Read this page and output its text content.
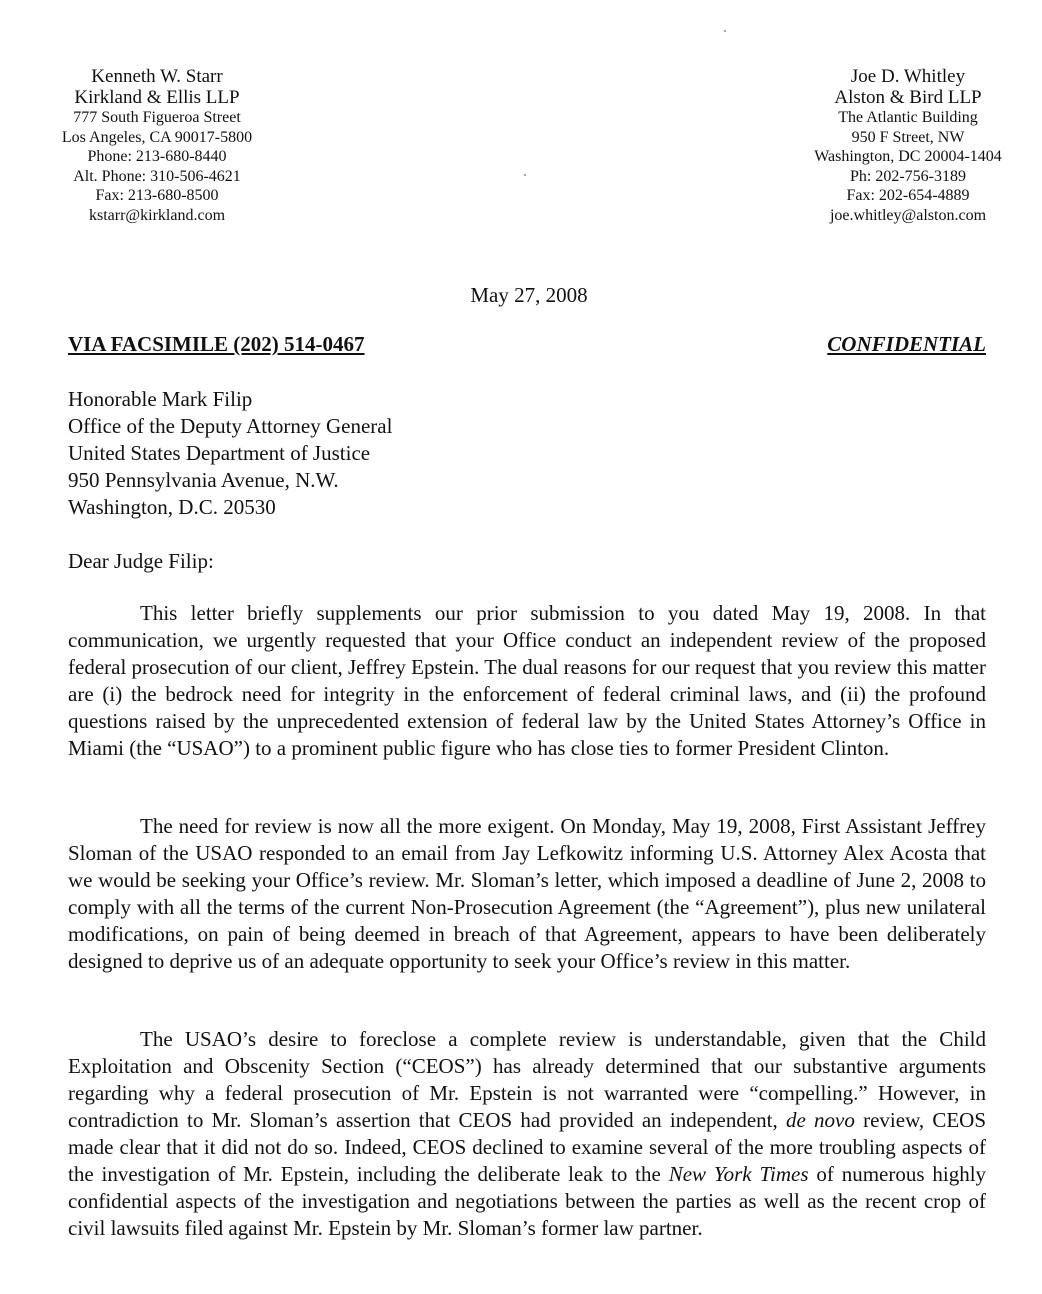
Kenneth W. Starr
Kirkland & Ellis LLP
777 South Figueroa Street
Los Angeles, CA 90017-5800
Phone: 213-680-8440
Alt. Phone: 310-506-4621
Fax: 213-680-8500
kstarr@kirkland.com
Joe D. Whitley
Alston & Bird LLP
The Atlantic Building
950 F Street, NW
Washington, DC 20004-1404
Ph: 202-756-3189
Fax: 202-654-4889
joe.whitley@alston.com
May 27, 2008
VIA FACSIMILE (202) 514-0467	CONFIDENTIAL
Honorable Mark Filip
Office of the Deputy Attorney General
United States Department of Justice
950 Pennsylvania Avenue, N.W.
Washington, D.C. 20530
Dear Judge Filip:

This letter briefly supplements our prior submission to you dated May 19, 2008. In that communication, we urgently requested that your Office conduct an independent review of the proposed federal prosecution of our client, Jeffrey Epstein. The dual reasons for our request that you review this matter are (i) the bedrock need for integrity in the enforcement of federal criminal laws, and (ii) the profound questions raised by the unprecedented extension of federal law by the United States Attorney’s Office in Miami (the “USAO”) to a prominent public figure who has close ties to former President Clinton.

The need for review is now all the more exigent. On Monday, May 19, 2008, First Assistant Jeffrey Sloman of the USAO responded to an email from Jay Lefkowitz informing U.S. Attorney Alex Acosta that we would be seeking your Office’s review. Mr. Sloman’s letter, which imposed a deadline of June 2, 2008 to comply with all the terms of the current Non-Prosecution Agreement (the “Agreement”), plus new unilateral modifications, on pain of being deemed in breach of that Agreement, appears to have been deliberately designed to deprive us of an adequate opportunity to seek your Office’s review in this matter.

The USAO’s desire to foreclose a complete review is understandable, given that the Child Exploitation and Obscenity Section (“CEOS”) has already determined that our substantive arguments regarding why a federal prosecution of Mr. Epstein is not warranted were “compelling.” However, in contradiction to Mr. Sloman’s assertion that CEOS had provided an independent, de novo review, CEOS made clear that it did not do so. Indeed, CEOS declined to examine several of the more troubling aspects of the investigation of Mr. Epstein, including the deliberate leak to the New York Times of numerous highly confidential aspects of the investigation and negotiations between the parties as well as the recent crop of civil lawsuits filed against Mr. Epstein by Mr. Sloman’s former law partner.
